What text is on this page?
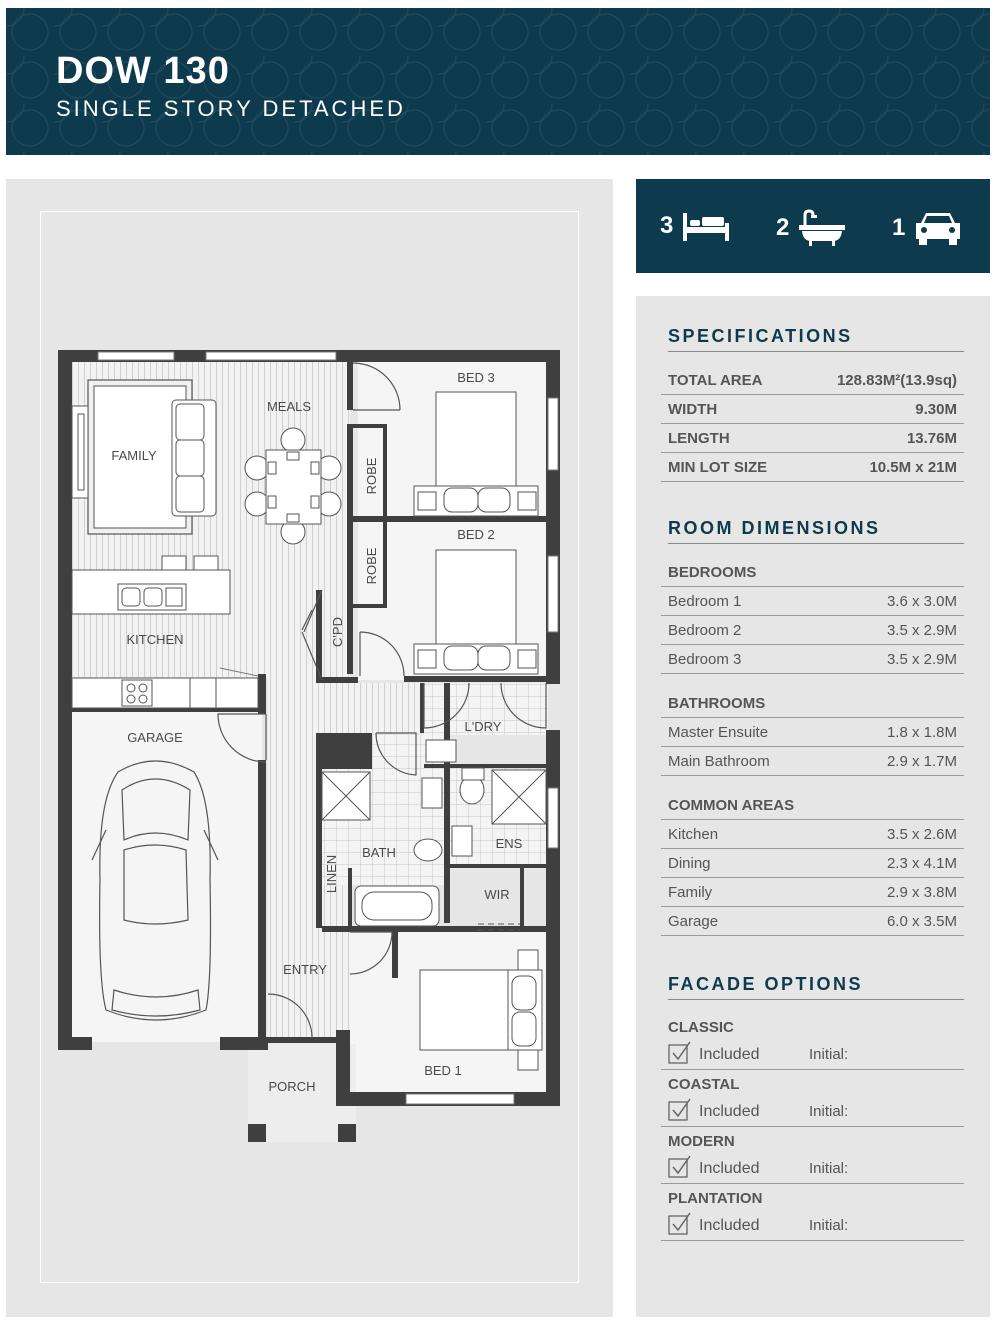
DOW 130
SINGLE STORY DETACHED
BED 3
BED 2
BED 1
MEALS
FAMILY
KITCHEN
GARAGE
L'DRY
BATH
ENS
WIR
ENTRY
PORCH
ROBE
ROBE
C'PD
LINEN
3	2	1
SPECIFICATIONS
TOTAL AREA	128.83M²(13.9sq)
WIDTH	9.30M
LENGTH	13.76M
MIN LOT SIZE	10.5M x 21M
ROOM DIMENSIONS
BEDROOMS
Bedroom 1	3.6 x 3.0M
Bedroom 2	3.5 x 2.9M
Bedroom 3	3.5 x 2.9M
BATHROOMS
Master Ensuite	1.8 x 1.8M
Main Bathroom	2.9 x 1.7M
COMMON AREAS
Kitchen	3.5 x 2.6M
Dining	2.3 x 4.1M
Family	2.9 x 3.8M
Garage	6.0 x 3.5M
FACADE OPTIONS
CLASSIC
Included	Initial:
COASTAL
Included	Initial:
MODERN
Included	Initial:
PLANTATION
Included	Initial:
